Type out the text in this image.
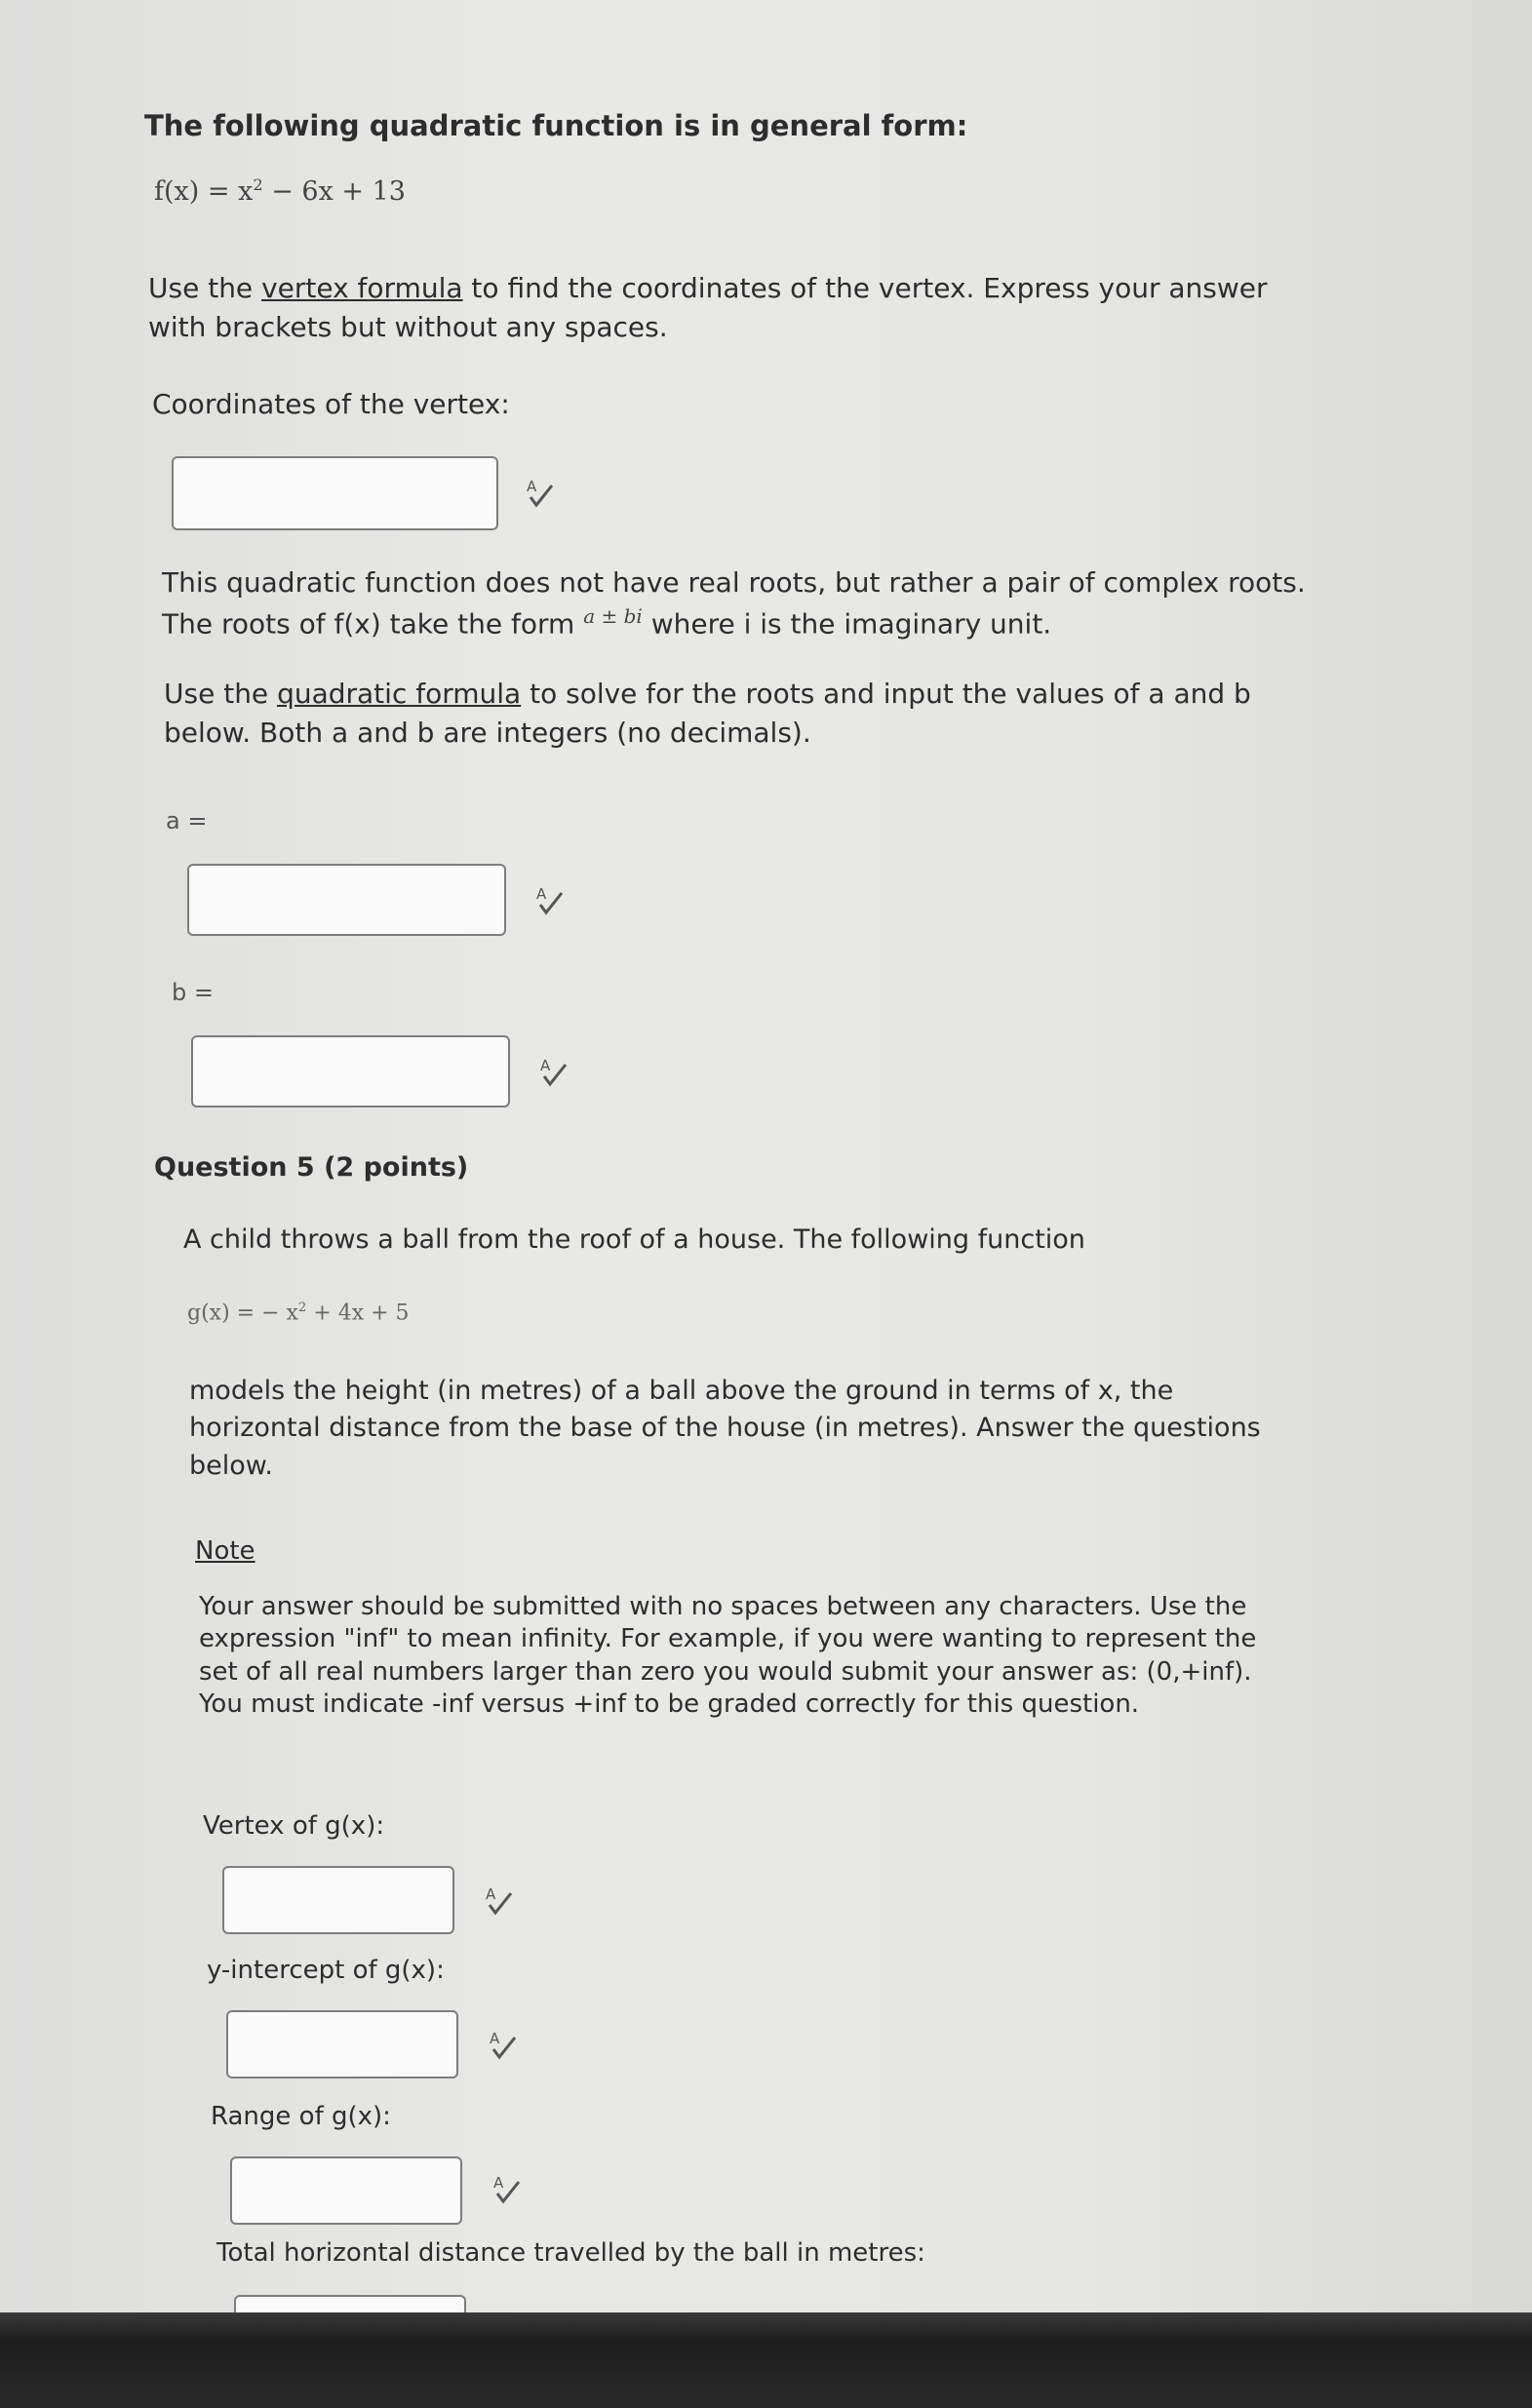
The following quadratic function is in general form:
$f(x) = x^2 - 6x + 13$
Use the vertex formula to find the coordinates of the vertex. Express your answer with brackets but without any spaces.
Coordinates of the vertex:
A
This quadratic function does not have real roots, but rather a pair of complex roots. The roots of f(x) take the form $^{a \pm bi}$ where i is the imaginary unit.
Use the quadratic formula to solve for the roots and input the values of a and b below. Both a and b are integers (no decimals).
a =
A
b =
A
Question 5 (2 points)
A child throws a ball from the roof of a house. The following function
g(x) = − $x^2 + 4x + 5$
models the height (in metres) of a ball above the ground in terms of x, the horizontal distance from the base of the house (in metres). Answer the questions below.
Note
Your answer should be submitted with no spaces between any characters. Use the expression "inf" to mean infinity. For example, if you were wanting to represent the set of all real numbers larger than zero you would submit your answer as: (0,+inf). You must indicate -inf versus +inf to be graded correctly for this question.
Vertex of g(x):
A
y-intercept of g(x):
A
Range of g(x):
A
Total horizontal distance travelled by the ball in metres:
